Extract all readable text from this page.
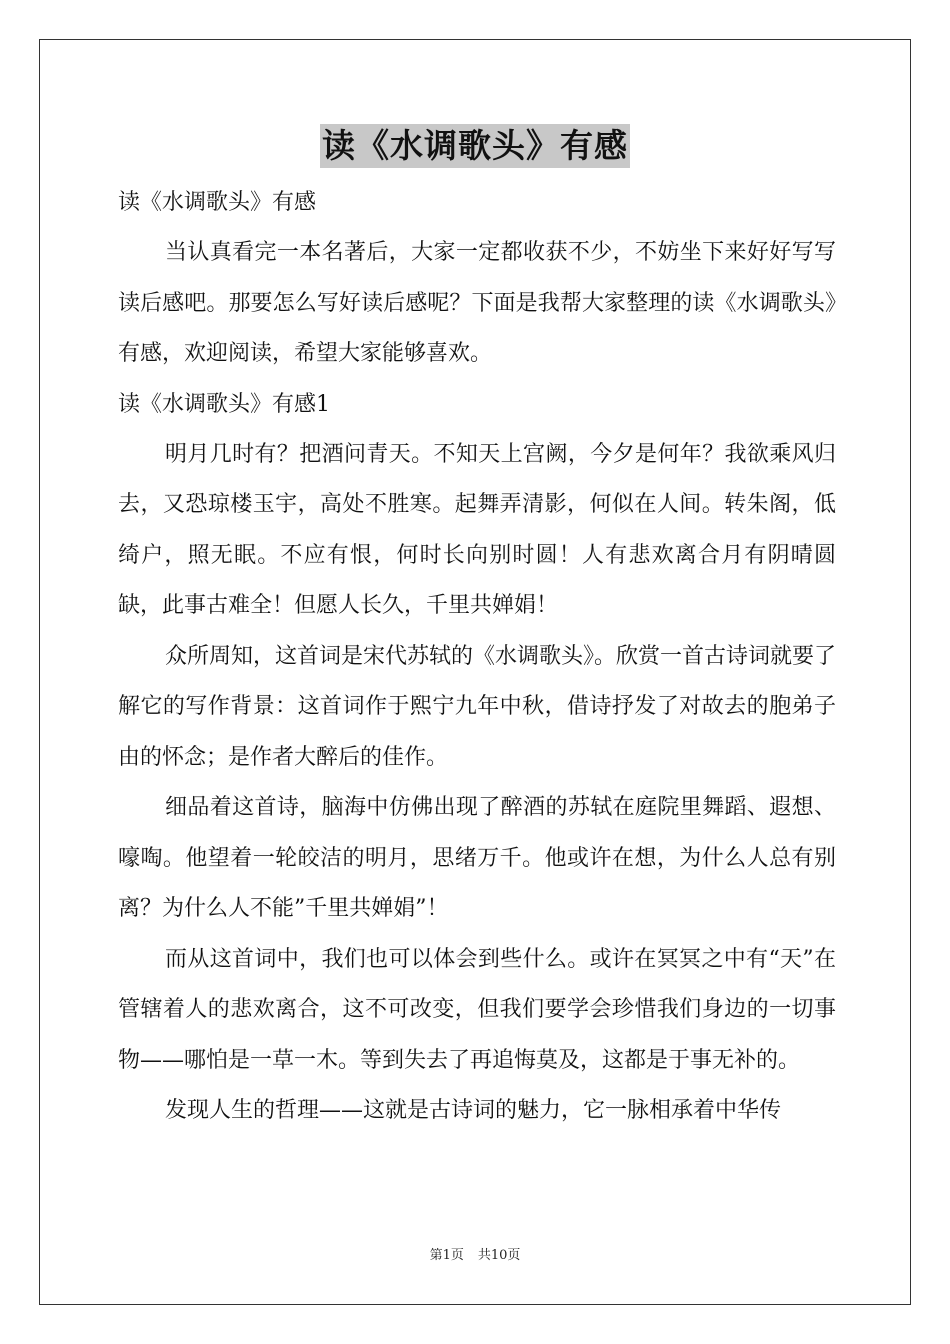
读《水调歌头》有感
读《水调歌头》有感

当认真看完一本名著后，大家一定都收获不少，不妨坐下来好好写写读后感吧。那要怎么写好读后感呢？下面是我帮大家整理的读《水调歌头》有感，欢迎阅读，希望大家能够喜欢。

读《水调歌头》有感1

明月几时有？把酒问青天。不知天上宫阙，今夕是何年？我欲乘风归去，又恐琼楼玉宇，高处不胜寒。起舞弄清影，何似在人间。转朱阁，低绮户，照无眠。不应有恨，何时长向别时圆！人有悲欢离合月有阴晴圆缺，此事古难全！但愿人长久，千里共婵娟！

众所周知，这首词是宋代苏轼的《水调歌头》。欣赏一首古诗词就要了解它的写作背景：这首词作于熙宁九年中秋，借诗抒发了对故去的胞弟子由的怀念；是作者大醉后的佳作。

细品着这首诗，脑海中仿佛出现了醉酒的苏轼在庭院里舞蹈、遐想、嚎啕。他望着一轮皎洁的明月，思绪万千。他或许在想，为什么人总有别离？为什么人不能”千里共婵娟”！

而从这首词中，我们也可以体会到些什么。或许在冥冥之中有“天”在管辖着人的悲欢离合，这不可改变，但我们要学会珍惜我们身边的一切事物——哪怕是一草一木。等到失去了再追悔莫及，这都是于事无补的。

发现人生的哲理——这就是古诗词的魅力，它一脉相承着中华传

第1页 共10页
